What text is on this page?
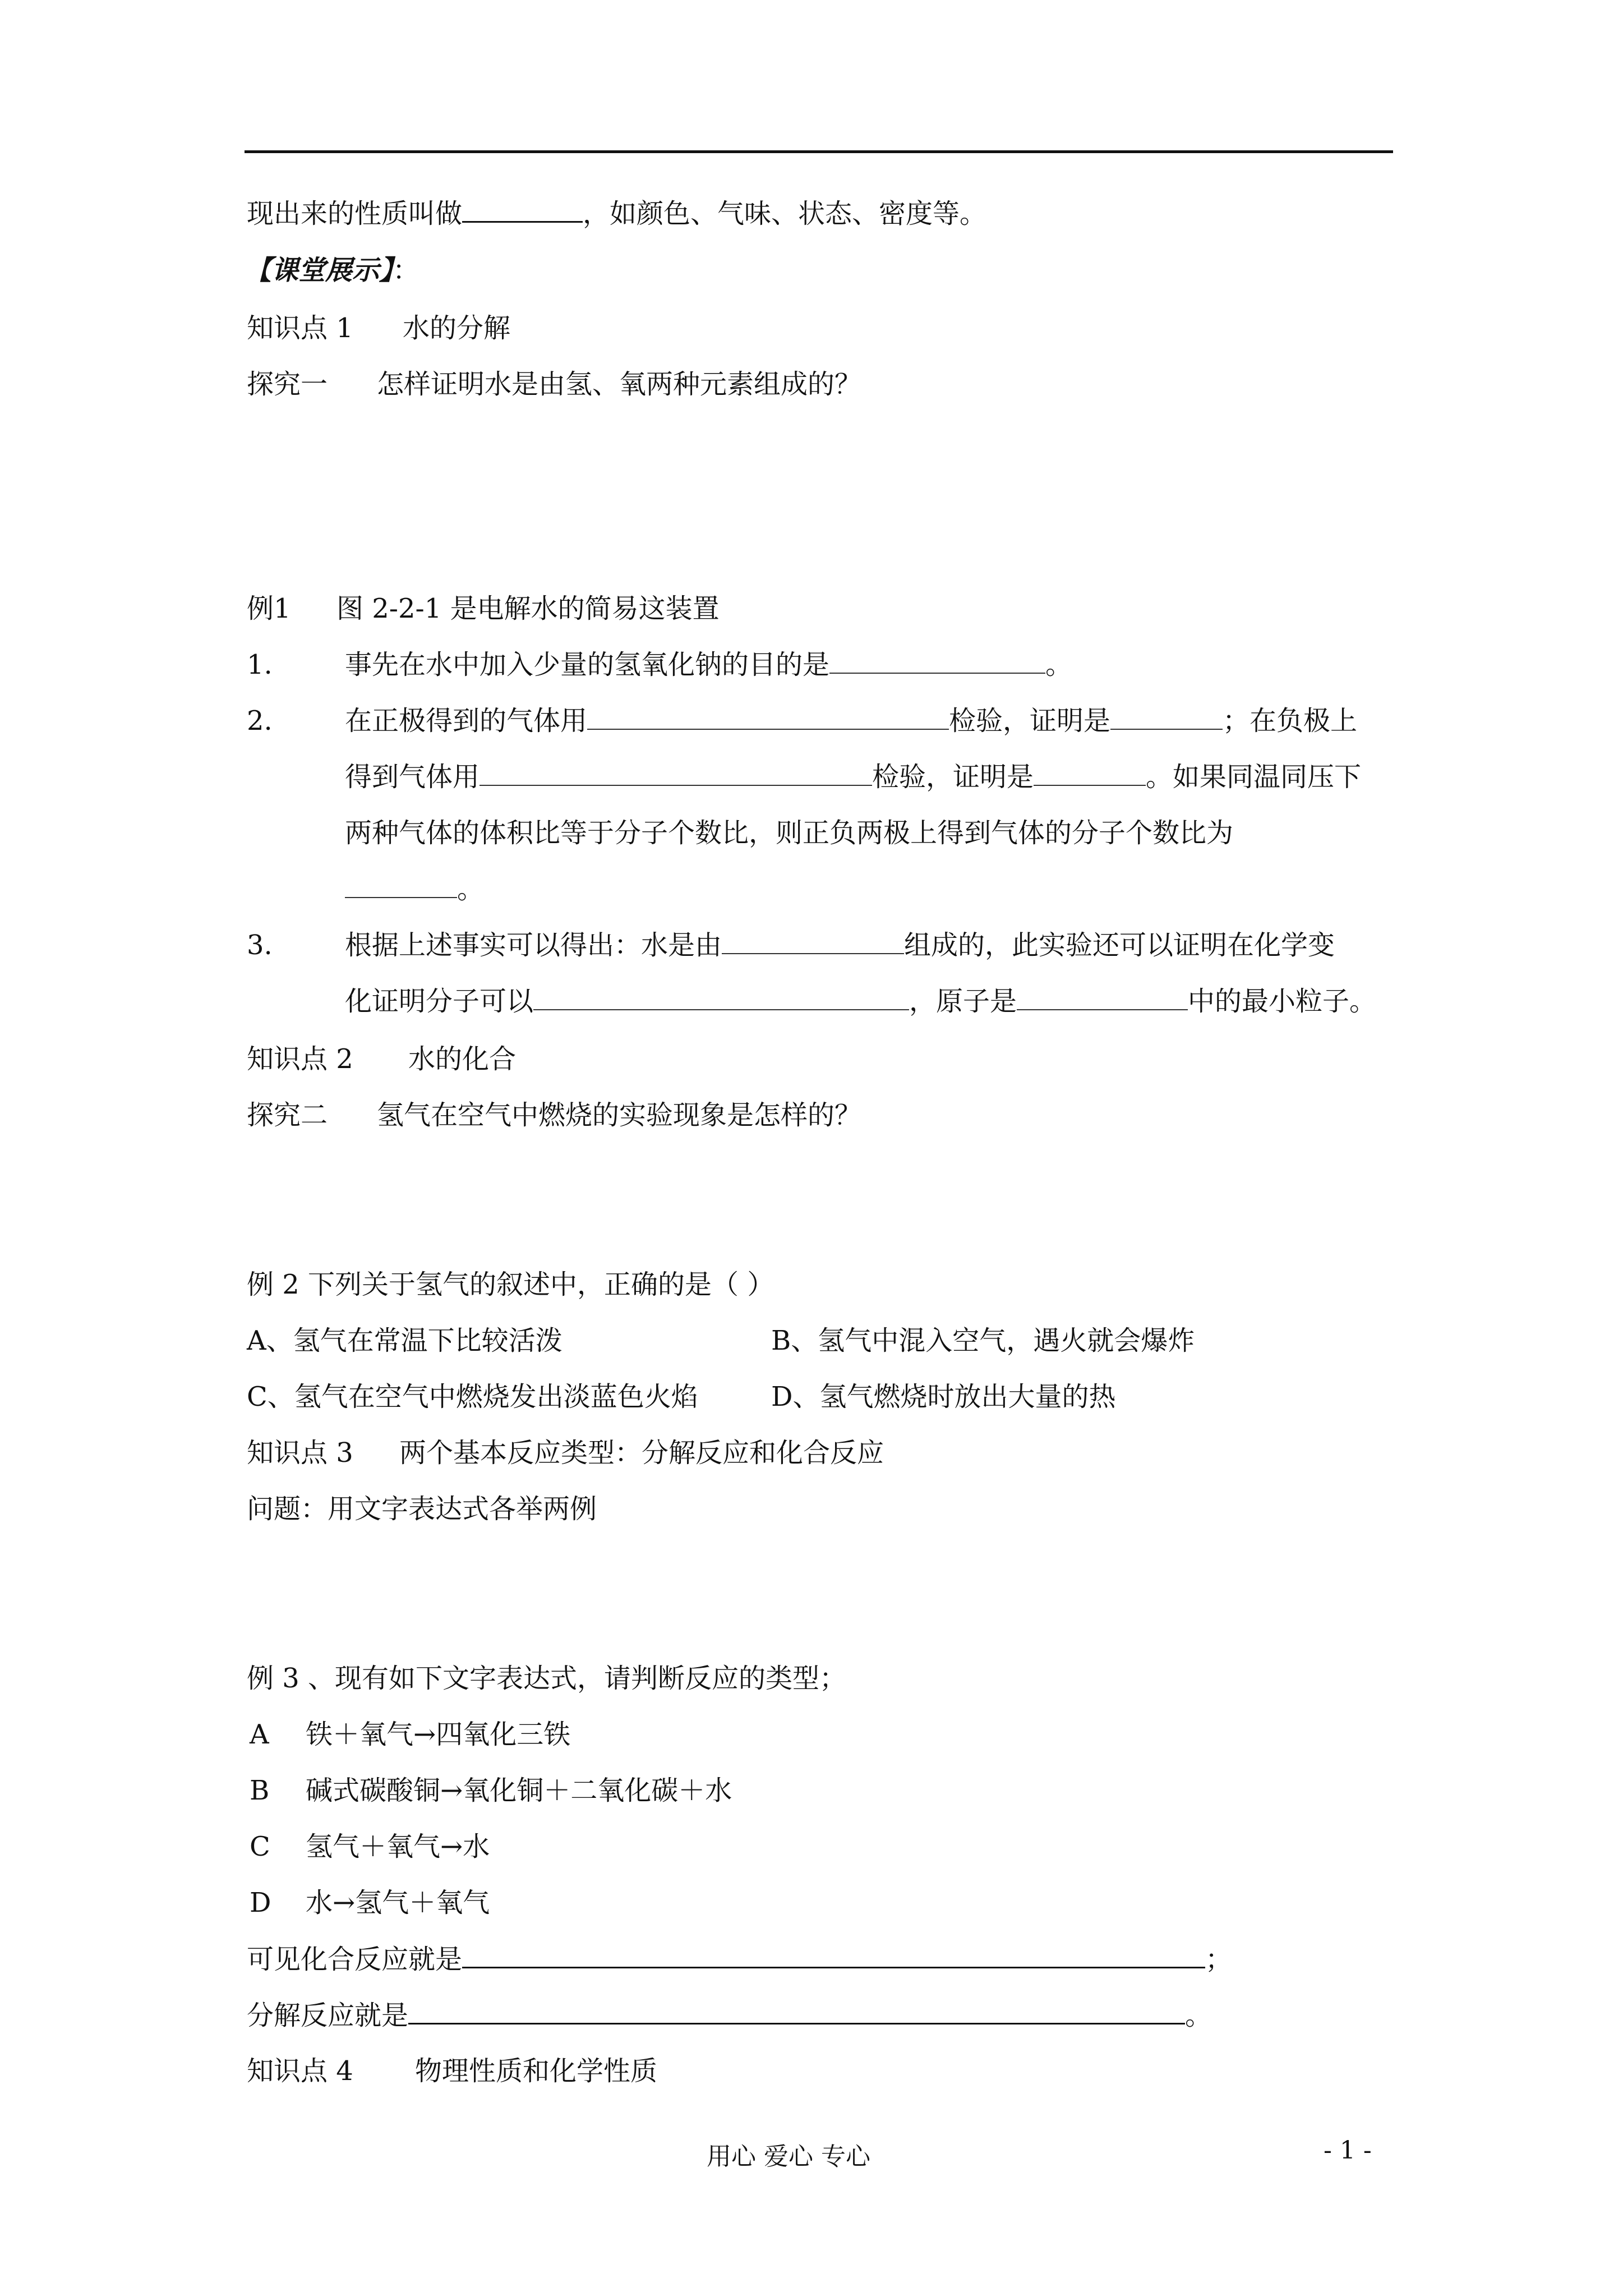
现出来的性质叫做	，如颜色、气味、状态、密度等。
【课堂展示】：
知识点 1 水的分解
探究一 怎样证明水是由氢、氧两种元素组成的？
例1 图 2-2-1 是电解水的简易这装置
1.	事先在水中加入少量的氢氧化钠的目的是	。
2.	在正极得到的气体用	检验，证明是	；在负极上
得到气体用	检验，证明是	。如果同温同压下
两种气体的体积比等于分子个数比，则正负两极上得到气体的分子个数比为
。
3.	根据上述事实可以得出：水是由	组成的，此实验还可以证明在化学变
化证明分子可以	，原子是	中的最小粒子。
知识点 2 水的化合
探究二 氢气在空气中燃烧的实验现象是怎样的？
例 2 下列关于氢气的叙述中，正确的是（ ）
A、氢气在常温下比较活泼	B、氢气中混入空气，遇火就会爆炸
C、氢气在空气中燃烧发出淡蓝色火焰	D、氢气燃烧时放出大量的热
知识点 3 两个基本反应类型：分解反应和化合反应
问题：用文字表达式各举两例
例 3 、现有如下文字表达式，请判断反应的类型；
A 铁＋氧气→四氧化三铁
B 碱式碳酸铜→氧化铜＋二氧化碳＋水
C 氢气＋氧气→水
D 水→氢气＋氧气
可见化合反应就是	；
分解反应就是	。
知识点 4 物理性质和化学性质
用心 爱心 专心	- 1 -
